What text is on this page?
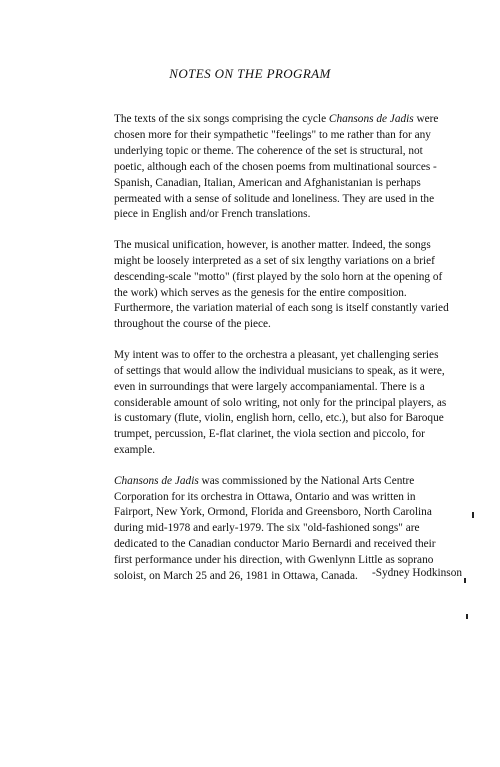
NOTES ON THE PROGRAM
The texts of the six songs comprising the cycle Chansons de Jadis were
chosen more for their sympathetic "feelings" to me rather than for any
underlying topic or theme. The coherence of the set is structural, not
poetic, although each of the chosen poems from multinational sources -
Spanish, Canadian, Italian, American and Afghanistanian is perhaps
permeated with a sense of solitude and loneliness. They are used in the
piece in English and/or French translations.
The musical unification, however, is another matter. Indeed, the songs
might be loosely interpreted as a set of six lengthy variations on a brief
descending-scale "motto" (first played by the solo horn at the opening of
the work) which serves as the genesis for the entire composition.
Furthermore, the variation material of each song is itself constantly varied
throughout the course of the piece.
My intent was to offer to the orchestra a pleasant, yet challenging series
of settings that would allow the individual musicians to speak, as it were,
even in surroundings that were largely accompaniamental. There is a
considerable amount of solo writing, not only for the principal players, as
is customary (flute, violin, english horn, cello, etc.), but also for Baroque
trumpet, percussion, E-flat clarinet, the viola section and piccolo, for
example.
Chansons de Jadis was commissioned by the National Arts Centre
Corporation for its orchestra in Ottawa, Ontario and was written in
Fairport, New York, Ormond, Florida and Greensboro, North Carolina
during mid-1978 and early-1979. The six "old-fashioned songs" are
dedicated to the Canadian conductor Mario Bernardi and received their
first performance under his direction, with Gwenlynn Little as soprano
soloist, on March 25 and 26, 1981 in Ottawa, Canada.	-Sydney Hodkinson
